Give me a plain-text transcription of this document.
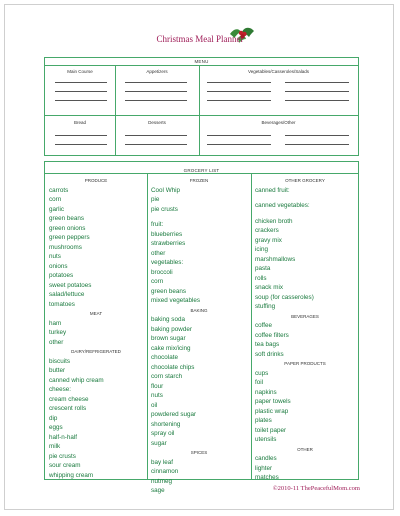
Christmas Meal Planner
MENU
Main Course	Appetizers	Vegetables/Casseroles/Salads
Bread	Desserts	Beverages/Other
GROCERY LIST
PRODUCE
carrots
corn
garlic
green beans
green onions
green peppers
mushrooms
nuts
onions
potatoes
sweet potatoes
salad/lettuce
tomatoes
MEAT
ham
turkey
other
DAIRY/REFRIGERATED
biscuits
butter
canned whip cream
cheese:
cream cheese
crescent rolls
dip
eggs
half-n-half
milk
pie crusts
sour cream
whipping cream
FROZEN
Cool Whip
pie
pie crusts
fruit:
blueberries
strawberries
other
vegetables:
broccoli
corn
green beans
mixed vegetables
BAKING
baking soda
baking powder
brown sugar
cake mix/icing
chocolate
chocolate chips
corn starch
flour
nuts
oil
powdered sugar
shortening
spray oil
sugar
SPICES
bay leaf
cinnamon
nutmeg
sage
OTHER GROCERY
canned fruit:
canned vegetables:
chicken broth
crackers
gravy mix
icing
marshmallows
pasta
rolls
snack mix
soup (for casseroles)
stuffing
BEVERAGES
coffee
coffee filters
tea bags
soft drinks
PAPER PRODUCTS
cups
foil
napkins
paper towels
plastic wrap
plates
toilet paper
utensils
OTHER
candles
lighter
matches
©2010-11 ThePeacefulMom.com
